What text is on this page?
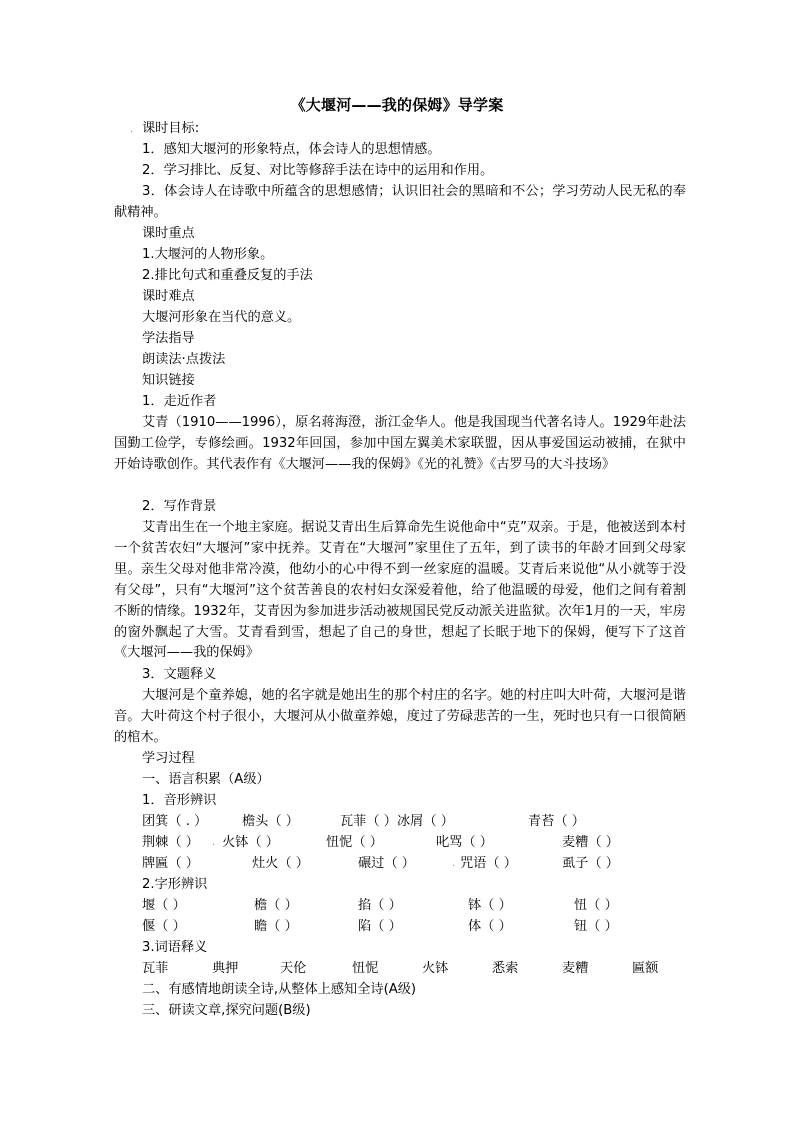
《大堰河——我的保姆》导学案
. 课时目标:
1．感知大堰河的形象特点，体会诗人的思想情感。
2．学习排比、反复、对比等修辞手法在诗中的运用和作用。
3．体会诗人在诗歌中所蕴含的思想感情；认识旧社会的黑暗和不公；学习劳动人民无私的奉献精神。
课时重点
1.大堰河的人物形象。
2.排比句式和重叠反复的手法
课时难点
大堰河形象在当代的意义。
学法指导
朗读法·点拨法
知识链接
1．走近作者
艾青（1910——1996），原名蒋海澄，浙江金华人。他是我国现当代著名诗人。1929年赴法国勤工俭学，专修绘画。1932年回国，参加中国左翼美术家联盟，因从事爱国运动被捕，在狱中开始诗歌创作。其代表作有《大堰河——我的保姆》《光的礼赞》《古罗马的大斗技场》
2．写作背景
艾青出生在一个地主家庭。据说艾青出生后算命先生说他命中“克”双亲。于是，他被送到本村一个贫苦农妇“大堰河”家中抚养。艾青在“大堰河”家里住了五年，到了读书的年龄才回到父母家里。亲生父母对他非常冷漠，他幼小的心中得不到一丝家庭的温暖。艾青后来说他“从小就等于没有父母”，只有“大堰河”这个贫苦善良的农村妇女深爱着他，给了他温暖的母爱，他们之间有着割不断的情缘。1932年，艾青因为参加进步活动被规国民党反动派关进监狱。次年1月的一天，牢房的窗外飘起了大雪。艾青看到雪，想起了自己的身世，想起了长眠于地下的保姆，便写下了这首《大堰河——我的保姆》
3．文题释义
大堰河是个童养媳，她的名字就是她出生的那个村庄的名字。她的村庄叫大叶荷，大堰河是谐音。大叶荷这个村子很小，大堰河从小做童养媳，度过了劳碌悲苦的一生，死时也只有一口很简陋的棺木。
学习过程
一、语言积累（A级）
1．音形辨识
团箕（ . ）	檐头（ ）	瓦菲（ ）冰屑（ ）	青苔（ ）
荆棘（ ） . 火钵（ ）	忸怩（ ）	叱骂（ ）	麦糟（ ）
牌匾（ ）	灶火（ ）	碾过（ ）	. 咒语（ ）	虱子（ ）
2.字形辨识
堰（ ）	檐（ ）	掐（ ）	钵（ ）	忸（ ）
偃（ ）	瞻（ ）	陷（ ）	体（ ）	钮（ ）
3.词语释义
瓦菲	典押	天伦	忸怩	火钵	悉索	麦糟	匾额
二、有感情地朗读全诗,从整体上感知全诗(A级)
三、研读文章,探究问题(B级)
